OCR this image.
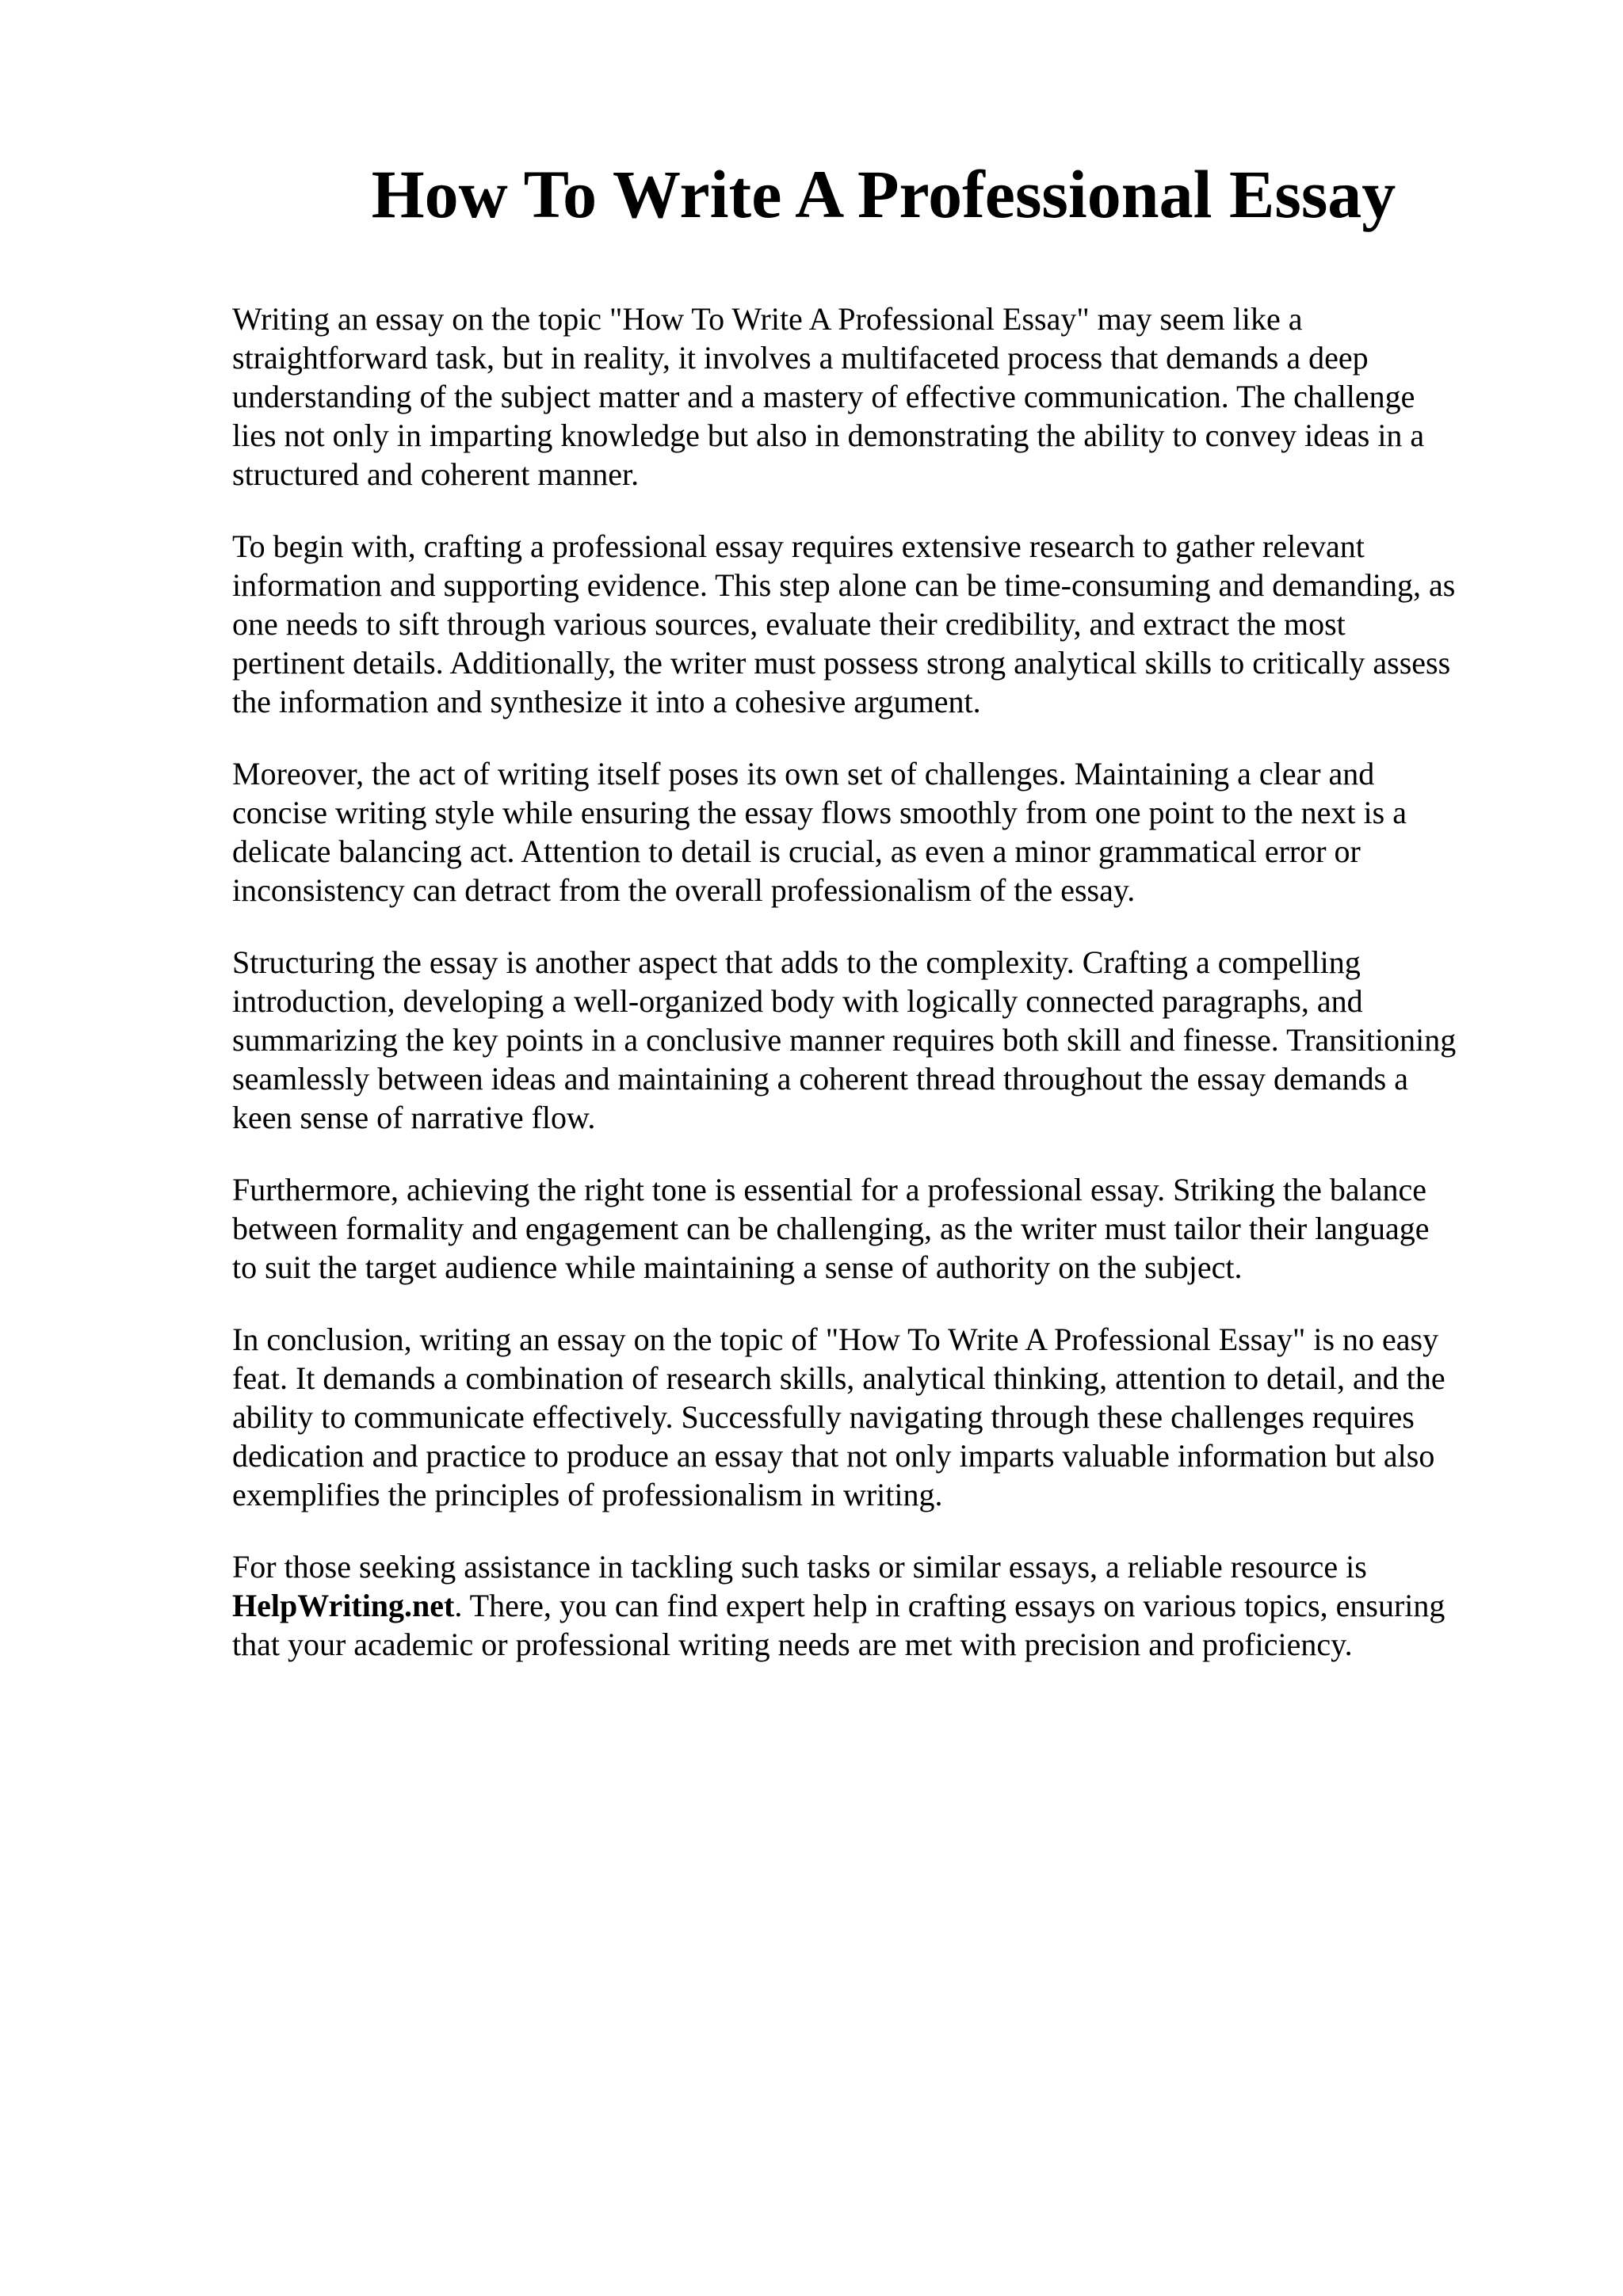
How To Write A Professional Essay

Writing an essay on the topic "How To Write A Professional Essay" may seem like a
straightforward task, but in reality, it involves a multifaceted process that demands a deep
understanding of the subject matter and a mastery of effective communication. The challenge
lies not only in imparting knowledge but also in demonstrating the ability to convey ideas in a
structured and coherent manner.

To begin with, crafting a professional essay requires extensive research to gather relevant
information and supporting evidence. This step alone can be time-consuming and demanding, as
one needs to sift through various sources, evaluate their credibility, and extract the most
pertinent details. Additionally, the writer must possess strong analytical skills to critically assess
the information and synthesize it into a cohesive argument.

Moreover, the act of writing itself poses its own set of challenges. Maintaining a clear and
concise writing style while ensuring the essay flows smoothly from one point to the next is a
delicate balancing act. Attention to detail is crucial, as even a minor grammatical error or
inconsistency can detract from the overall professionalism of the essay.

Structuring the essay is another aspect that adds to the complexity. Crafting a compelling
introduction, developing a well-organized body with logically connected paragraphs, and
summarizing the key points in a conclusive manner requires both skill and finesse. Transitioning
seamlessly between ideas and maintaining a coherent thread throughout the essay demands a
keen sense of narrative flow.

Furthermore, achieving the right tone is essential for a professional essay. Striking the balance
between formality and engagement can be challenging, as the writer must tailor their language
to suit the target audience while maintaining a sense of authority on the subject.

In conclusion, writing an essay on the topic of "How To Write A Professional Essay" is no easy
feat. It demands a combination of research skills, analytical thinking, attention to detail, and the
ability to communicate effectively. Successfully navigating through these challenges requires
dedication and practice to produce an essay that not only imparts valuable information but also
exemplifies the principles of professionalism in writing.

For those seeking assistance in tackling such tasks or similar essays, a reliable resource is
HelpWriting.net. There, you can find expert help in crafting essays on various topics, ensuring
that your academic or professional writing needs are met with precision and proficiency.
